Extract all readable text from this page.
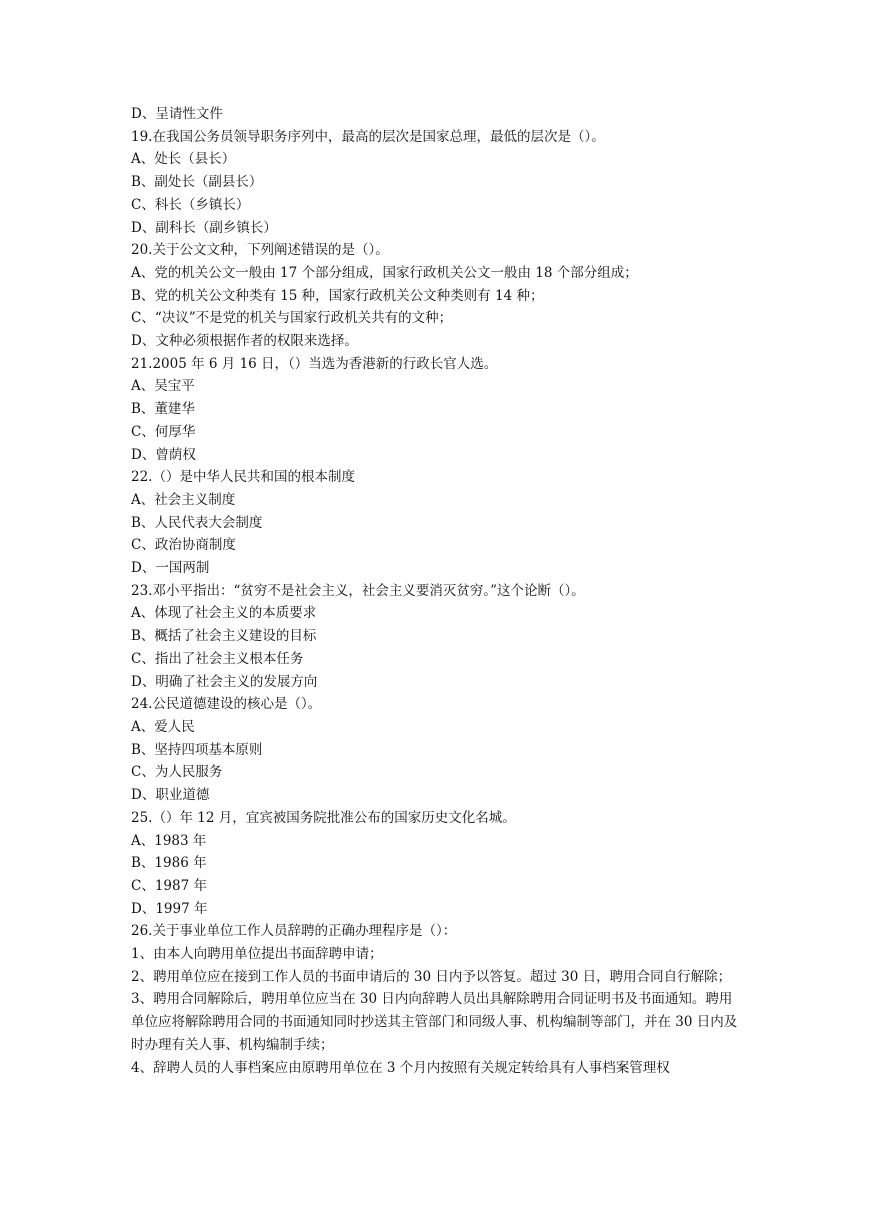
D、呈请性文件

19.在我国公务员领导职务序列中，最高的层次是国家总理，最低的层次是（）。

A、处长（县长）

B、副处长（副县长）

C、科长（乡镇长）

D、副科长（副乡镇长）

20.关于公文文种，下列阐述错误的是（）。

A、党的机关公文一般由 17 个部分组成，国家行政机关公文一般由 18 个部分组成；

B、党的机关公文种类有 15 种，国家行政机关公文种类则有 14 种；

C、“决议”不是党的机关与国家行政机关共有的文种；

D、文种必须根据作者的权限来选择。

21.2005 年 6 月 16 日，（）当选为香港新的行政长官人选。

A、吴宝平

B、董建华

C、何厚华

D、曾荫权

22.（）是中华人民共和国的根本制度

A、社会主义制度

B、人民代表大会制度

C、政治协商制度

D、一国两制

23.邓小平指出：“贫穷不是社会主义，社会主义要消灭贫穷。”这个论断（）。

A、体现了社会主义的本质要求

B、概括了社会主义建设的目标

C、指出了社会主义根本任务

D、明确了社会主义的发展方向

24.公民道德建设的核心是（）。

A、爱人民

B、坚持四项基本原则

C、为人民服务

D、职业道德

25.（）年 12 月，宜宾被国务院批准公布的国家历史文化名城。

A、1983 年

B、1986 年

C、1987 年

D、1997 年

26.关于事业单位工作人员辞聘的正确办理程序是（）：

1、由本人向聘用单位提出书面辞聘申请；

2、聘用单位应在接到工作人员的书面申请后的 30 日内予以答复。超过 30 日，聘用合同自行解除；

3、聘用合同解除后，聘用单位应当在 30 日内向辞聘人员出具解除聘用合同证明书及书面通知。聘用单位应将解除聘用合同的书面通知同时抄送其主管部门和同级人事、机构编制等部门，并在 30 日内及时办理有关人事、机构编制手续；

4、辞聘人员的人事档案应由原聘用单位在 3 个月内按照有关规定转给具有人事档案管理权
